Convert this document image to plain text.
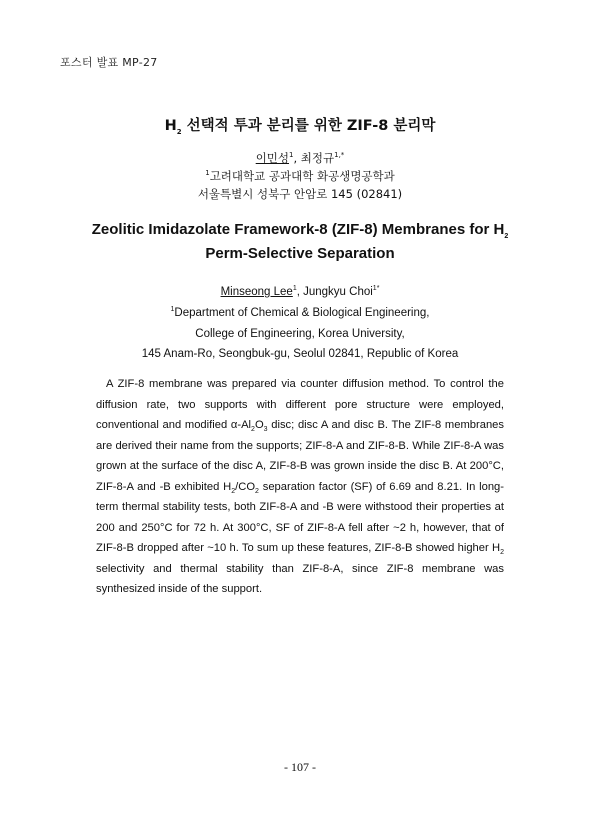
포스터 발표 MP-27
$H_2$ 선택적 투과 분리를 위한 ZIF-8 분리막
이민성$^1$, 최정규$^{1,*}$
$^1$고려대학교 공과대학 화공생명공학과
서울특별시 성북구 안암로 145 (02841)
Zeolitic Imidazolate Framework-8 (ZIF-8) Membranes for $H_2$
Perm-Selective Separation
Minseong Lee$^1$, Jungkyu Choi$^{1*}$
$^1$Department of Chemical & Biological Engineering,
College of Engineering, Korea University,
145 Anam-Ro, Seongbuk-gu, Seolul 02841, Republic of Korea
A ZIF-8 membrane was prepared via counter diffusion method. To control the diffusion rate, two supports with different pore structure were employed, conventional and modified $\alpha-Al_2O_3$ disc; disc A and disc B. The ZIF-8 membranes are derived their name from the supports; ZIF-8-A and ZIF-8-B. While ZIF-8-A was grown at the surface of the disc A, ZIF-8-B was grown inside the disc B. At 200°C, ZIF-8-A and -B exhibited $H_2/CO_2$ separation factor (SF) of 6.69 and 8.21. In long-term thermal stability tests, both ZIF-8-A and -B were withstood their properties at 200 and 250°C for 72 h. At 300°C, SF of ZIF-8-A fell after ~2 h, however, that of ZIF-8-B dropped after ~10 h. To sum up these features, ZIF-8-B showed higher $H_2$ selectivity and thermal stability than ZIF-8-A, since ZIF-8 membrane was synthesized inside of the support.
- 107 -
